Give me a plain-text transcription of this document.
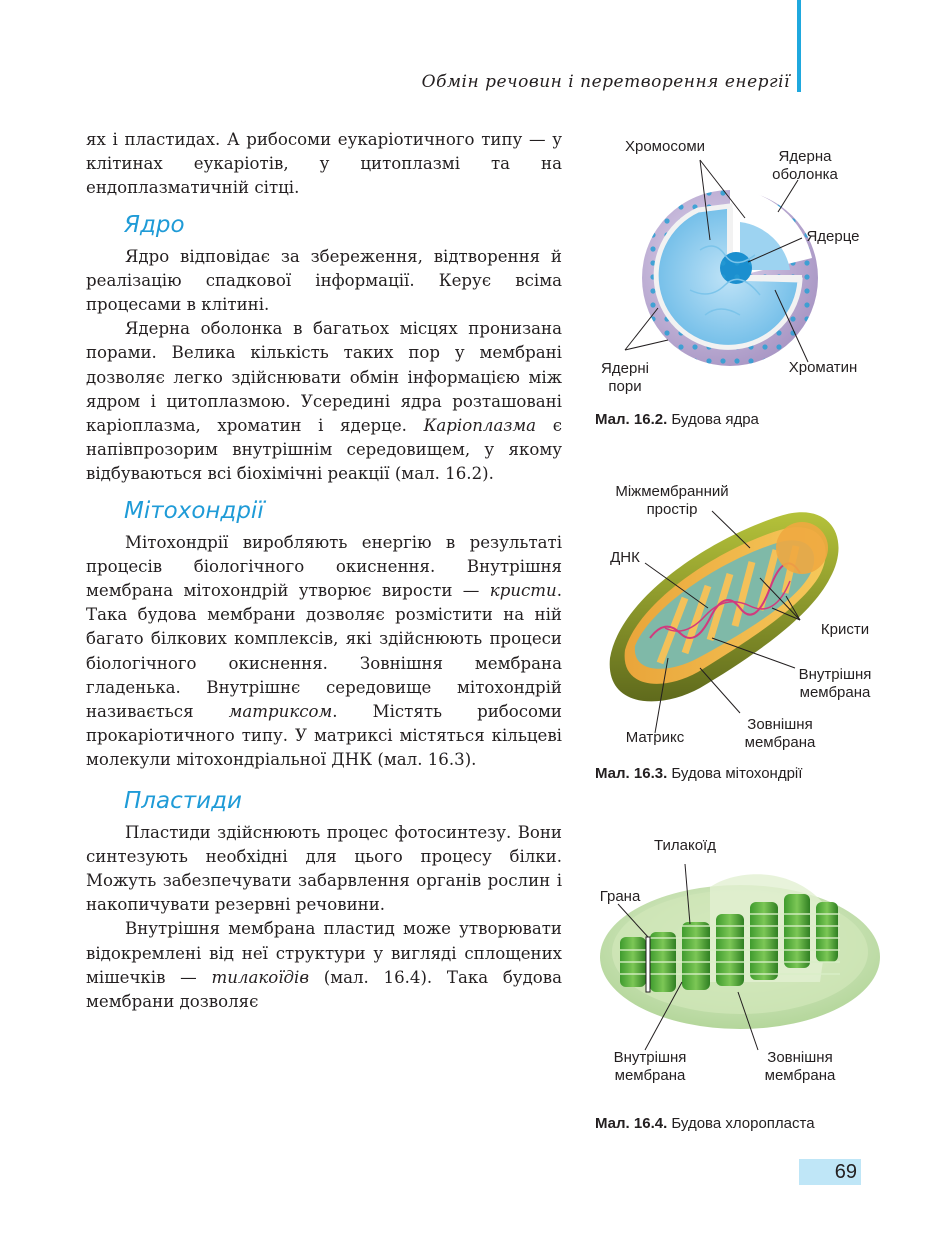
Обмін речовин і перетворення енергії

ях і пластидах. А рибосоми еукаріотичного типу — у клітинах еукаріотів, у цитоплазмі та на ендоплазматичній сітці.

Ядро

Ядро відповідає за збереження, відтворення й реалізацію спадкової інформації. Керує всіма процесами в клітині.

Ядерна оболонка в багатьох місцях пронизана порами. Велика кількість таких пор у мембрані дозволяє легко здійснювати обмін інформацією між ядром і цитоплазмою. Усередині ядра розташовані каріоплазма, хроматин і ядерце. Каріоплазма є напівпрозорим внутрішнім середовищем, у якому відбуваються всі біохімічні реакції (мал. 16.2).

Мітохондрії

Мітохондрії виробляють енергію в результаті процесів біологічного окиснення. Внутрішня мембрана мітохондрій утворює вирости — кристи. Така будова мембрани дозволяє розмістити на ній багато білкових комплексів, які здійснюють процеси біологічного окиснення. Зовнішня мембрана гладенька. Внутрішнє середовище мітохондрій називається матриксом. Містять рибосоми прокаріотичного типу. У матриксі містяться кільцеві молекули мітохондріальної ДНК (мал. 16.3).

Пластиди

Пластиди здійснюють процес фотосинтезу. Вони синтезують необхідні для цього процесу білки. Можуть забезпечувати забарвлення органів рослин і накопичувати резервні речовини.

Внутрішня мембрана пластид може утворювати відокремлені від неї структури у вигляді сплощених мішечків — тилакоїдів (мал. 16.4). Така будова мембрани дозволяє

Хромосоми
Ядерна оболонка
Ядерце
Ядерні пори
Хроматин
Мал. 16.2. Будова ядра
Міжмембранний простір
ДНК
Кристи
Внутрішня мембрана
Зовнішня мембрана
Матрикс
Мал. 16.3. Будова мітохондрії
Тилакоїд
Грана
Внутрішня мембрана
Зовнішня мембрана
Мал. 16.4. Будова хлоропласта
69
